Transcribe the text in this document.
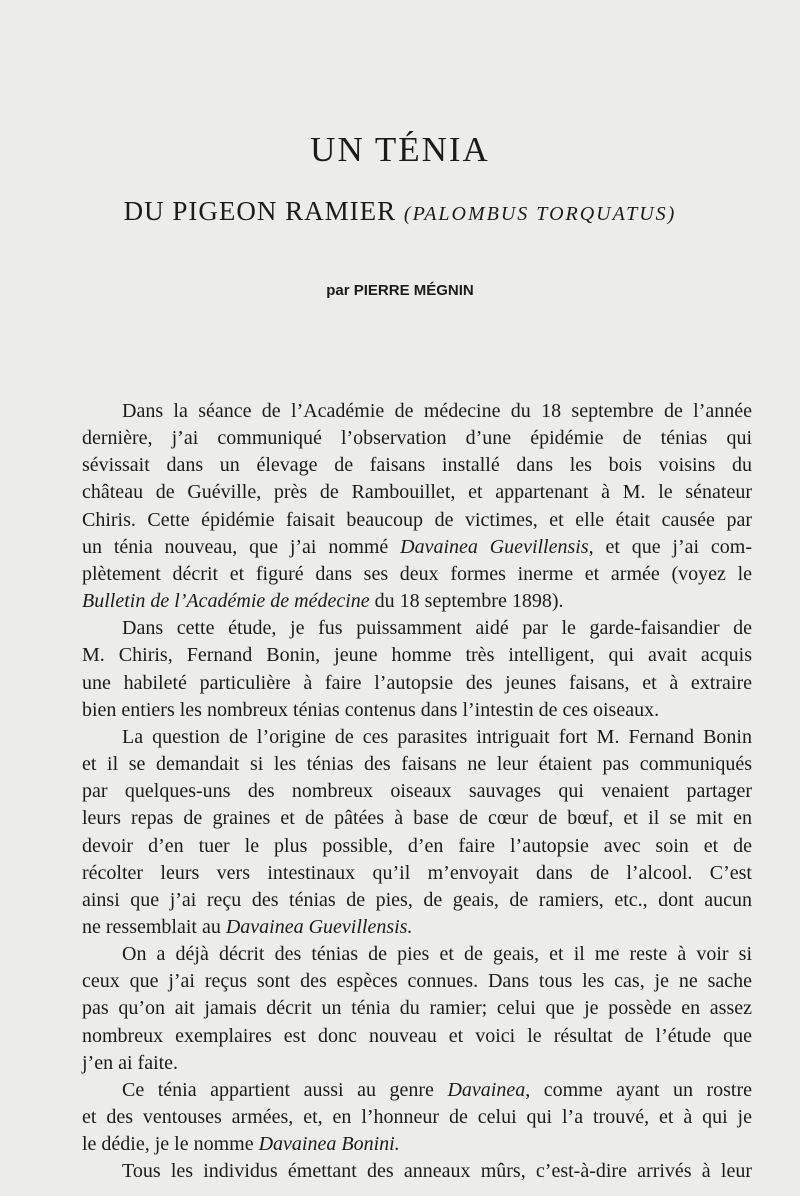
UN TÉNIA
DU PIGEON RAMIER (PALOMBUS TORQUATUS)

par PIERRE MÉGNIN

Dans la séance de l’Académie de médecine du 18 septembre de l’année

dernière, j’ai communiqué l’observation d’une épidémie de ténias qui

sévissait dans un élevage de faisans installé dans les bois voisins du

château de Guéville, près de Rambouillet, et appartenant à M. le sénateur

Chiris. Cette épidémie faisait beaucoup de victimes, et elle était causée par

un ténia nouveau, que j’ai nommé Davainea Guevillensis, et que j’ai com-

plètement décrit et figuré dans ses deux formes inerme et armée (voyez le

Bulletin de l’Académie de médecine du 18 septembre 1898).

Dans cette étude, je fus puissamment aidé par le garde-faisandier de

M. Chiris, Fernand Bonin, jeune homme très intelligent, qui avait acquis

une habileté particulière à faire l’autopsie des jeunes faisans, et à extraire

bien entiers les nombreux ténias contenus dans l’intestin de ces oiseaux.

La question de l’origine de ces parasites intriguait fort M. Fernand Bonin

et il se demandait si les ténias des faisans ne leur étaient pas communiqués

par quelques-uns des nombreux oiseaux sauvages qui venaient partager

leurs repas de graines et de pâtées à base de cœur de bœuf, et il se mit en

devoir d’en tuer le plus possible, d’en faire l’autopsie avec soin et de

récolter leurs vers intestinaux qu’il m’envoyait dans de l’alcool. C’est

ainsi que j’ai reçu des ténias de pies, de geais, de ramiers, etc., dont aucun

ne ressemblait au Davainea Guevillensis.

On a déjà décrit des ténias de pies et de geais, et il me reste à voir si

ceux que j’ai reçus sont des espèces connues. Dans tous les cas, je ne sache

pas qu’on ait jamais décrit un ténia du ramier; celui que je possède en assez

nombreux exemplaires est donc nouveau et voici le résultat de l’étude que

j’en ai faite.

Ce ténia appartient aussi au genre Davainea, comme ayant un rostre

et des ventouses armées, et, en l’honneur de celui qui l’a trouvé, et à qui je

le dédie, je le nomme Davainea Bonini.

Tous les individus émettant des anneaux mûrs, c’est-à-dire arrivés à leur
